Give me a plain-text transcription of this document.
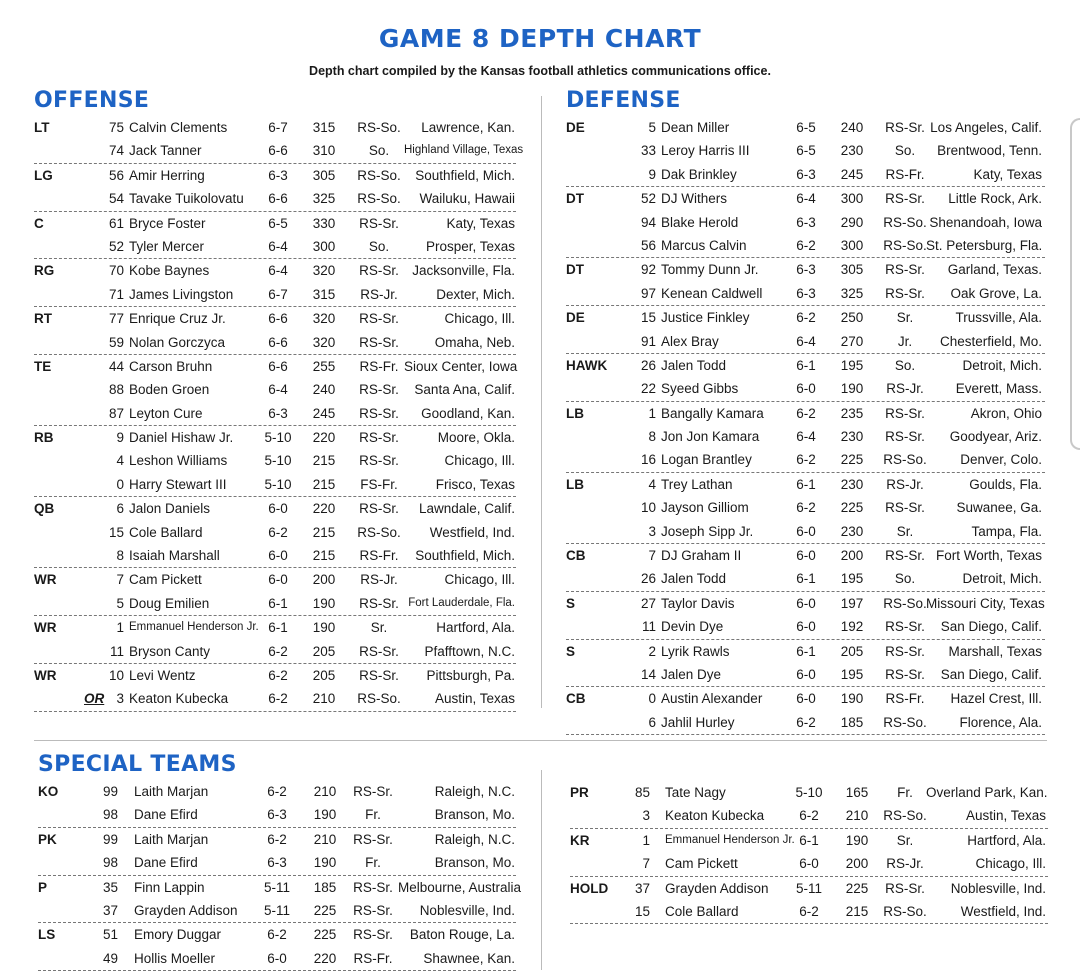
GAME 8 DEPTH CHART
Depth chart compiled by the Kansas football athletics communications office.
OFFENSE
LT	75 Calvin Clements	6-7	315	RS-So.	Lawrence, Kan.
74 Jack Tanner	6-6	310	So.	Highland Village, Texas
LG	56 Amir Herring	6-3	305	RS-So.	Southfield, Mich.
54 Tavake Tuikolovatu	6-6	325	RS-So.	Wailuku, Hawaii
C	61 Bryce Foster	6-5	330	RS-Sr.	Katy, Texas
52 Tyler Mercer	6-4	300	So.	Prosper, Texas
RG	70 Kobe Baynes	6-4	320	RS-Sr. Jacksonville, Fla.
71 James Livingston	6-7	315	RS-Jr.	Dexter, Mich.
RT	77 Enrique Cruz Jr.	6-6	320	RS-Sr.	Chicago, Ill.
59 Nolan Gorczyca	6-6	320	RS-Sr.	Omaha, Neb.
TE	44 Carson Bruhn	6-6	255	RS-Fr. Sioux Center, Iowa
88 Boden Groen	6-4	240	RS-Sr.	Santa Ana, Calif.
87 Leyton Cure	6-3	245	RS-Sr.	Goodland, Kan.
RB	9 Daniel Hishaw Jr.	5-10	220	RS-Sr.	Moore, Okla.
4 Leshon Williams	5-10	215	RS-Sr.	Chicago, Ill.
0 Harry Stewart III	5-10	215	FS-Fr.	Frisco, Texas
QB	6 Jalon Daniels	6-0	220	RS-Sr.	Lawndale, Calif.
15 Cole Ballard	6-2	215	RS-So.	Westfield, Ind.
8 Isaiah Marshall	6-0	215	RS-Fr.	Southfield, Mich.
WR	7 Cam Pickett	6-0	200	RS-Jr.	Chicago, Ill.
5 Doug Emilien	6-1	190	RS-Sr. Fort Lauderdale, Fla.
WR	1 Emmanuel Henderson Jr. 6-1	190	Sr.	Hartford, Ala.
11 Bryson Canty	6-2	205	RS-Sr.	Pfafftown, N.C.
WR	10 Levi Wentz	6-2	205	RS-Sr.	Pittsburgh, Pa.
OR 3 Keaton Kubecka	6-2	210	RS-So.	Austin, Texas
DEFENSE
DE	5 Dean Miller	6-5	240	RS-Sr. Los Angeles, Calif.
33 Leroy Harris III	6-5	230	So.	Brentwood, Tenn.
9 Dak Brinkley	6-3	245	RS-Fr.	Katy, Texas
DT	52 DJ Withers	6-4	300	RS-Sr.	Little Rock, Ark.
94 Blake Herold	6-3	290	RS-So. Shenandoah, Iowa
56 Marcus Calvin	6-2	300	RS-So. St. Petersburg, Fla.
DT	92 Tommy Dunn Jr.	6-3	305	RS-Sr.	Garland, Texas.
97 Kenean Caldwell	6-3	325	RS-Sr.	Oak Grove, La.
DE	15 Justice Finkley	6-2	250	Sr.	Trussville, Ala.
91 Alex Bray	6-4	270	Jr.	Chesterfield, Mo.
HAWK	26 Jalen Todd	6-1	195	So.	Detroit, Mich.
22 Syeed Gibbs	6-0	190	RS-Jr.	Everett, Mass.
LB	1 Bangally Kamara	6-2	235	RS-Sr.	Akron, Ohio
8 Jon Jon Kamara	6-4	230	RS-Sr.	Goodyear, Ariz.
16 Logan Brantley	6-2	225	RS-So.	Denver, Colo.
LB	4 Trey Lathan	6-1	230	RS-Jr.	Goulds, Fla.
10 Jayson Gilliom	6-2	225	RS-Sr.	Suwanee, Ga.
3 Joseph Sipp Jr.	6-0	230	Sr.	Tampa, Fla.
CB	7 DJ Graham II	6-0	200	RS-Sr. Fort Worth, Texas
26 Jalen Todd	6-1	195	So.	Detroit, Mich.
S	27 Taylor Davis	6-0	197	RS-So. Missouri City, Texas
11 Devin Dye	6-0	192	RS-Sr.	San Diego, Calif.
S	2 Lyrik Rawls	6-1	205	RS-Sr.	Marshall, Texas
14 Jalen Dye	6-0	195	RS-Sr.	San Diego, Calif.
CB	0 Austin Alexander	6-0	190	RS-Fr.	Hazel Crest, Ill.
6 Jahlil Hurley	6-2	185	RS-So.	Florence, Ala.
SPECIAL TEAMS
KO	99 Laith Marjan	6-2	210	RS-Sr.	Raleigh, N.C.
98 Dane Efird	6-3	190	Fr.	Branson, Mo.
PK	99 Laith Marjan	6-2	210	RS-Sr.	Raleigh, N.C.
98 Dane Efird	6-3	190	Fr.	Branson, Mo.
P	35 Finn Lappin	5-11	185	RS-Sr. Melbourne, Australia
37 Grayden Addison	5-11	225	RS-Sr.	Noblesville, Ind.
LS	51 Emory Duggar	6-2	225	RS-Sr.	Baton Rouge, La.
49 Hollis Moeller	6-0	220	RS-Fr.	Shawnee, Kan.
PR	85 Tate Nagy	5-10	165	Fr. Overland Park, Kan.
3 Keaton Kubecka	6-2	210	RS-So.	Austin, Texas
KR	1 Emmanuel Henderson Jr. 6-1	190	Sr.	Hartford, Ala.
7 Cam Pickett	6-0	200	RS-Jr.	Chicago, Ill.
HOLD	37 Grayden Addison	5-11	225	RS-Sr.	Noblesville, Ind.
15 Cole Ballard	6-2	215	RS-So.	Westfield, Ind.
